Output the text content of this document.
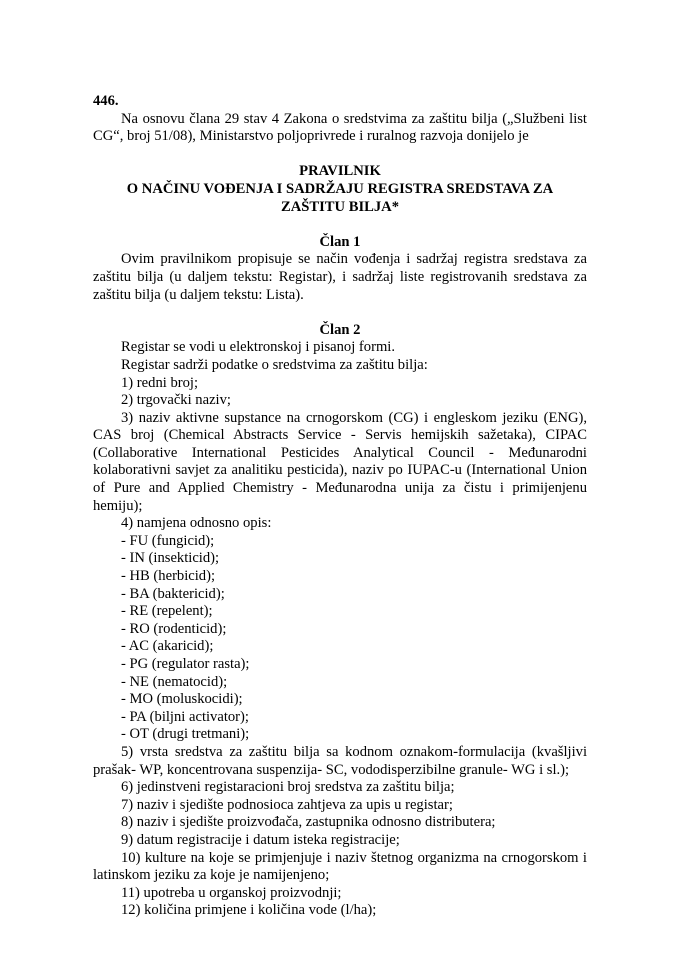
446.

Na osnovu člana 29 stav 4 Zakona o sredstvima za zaštitu bilja („Službeni list CG“, broj 51/08), Ministarstvo poljoprivrede i ruralnog razvoja donijelo je

PRAVILNIK
O NAČINU VOĐENJA I SADRŽAJU REGISTRA SREDSTAVA ZA
ZAŠTITU BILJA*

Član 1

Ovim pravilnikom propisuje se način vođenja i sadržaj registra sredstava za zaštitu bilja (u daljem tekstu: Registar), i sadržaj liste registrovanih sredstava za zaštitu bilja (u daljem tekstu: Lista).

Član 2

Registar se vodi u elektronskoj i pisanoj formi.

Registar sadrži podatke o sredstvima za zaštitu bilja:

1) redni broj;

2) trgovački naziv;

3) naziv aktivne supstance na crnogorskom (CG) i engleskom jeziku (ENG), CAS broj (Chemical Abstracts Service - Servis hemijskih sažetaka), CIPAC (Collaborative International Pesticides Analytical Council - Međunarodni kolaborativni savjet za analitiku pesticida), naziv po IUPAC-u (International Union of Pure and Applied Chemistry - Međunarodna unija za čistu i primijenjenu hemiju);

4) namjena odnosno opis:

- FU (fungicid);

- IN (insekticid);

- HB (herbicid);

- BA (baktericid);

- RE (repelent);

- RO (rodenticid);

- AC (akaricid);

- PG (regulator rasta);

- NE (nematocid);

- MO (moluskocidi);

- PA (biljni activator);

- OT (drugi tretmani);

5) vrsta sredstva za zaštitu bilja sa kodnom oznakom-formulacija (kvašljivi prašak- WP, koncentrovana suspenzija- SC, vododisperzibilne granule- WG i sl.);

6) jedinstveni registaracioni broj sredstva za zaštitu bilja;

7) naziv i sjedište podnosioca zahtjeva za upis u registar;

8) naziv i sjedište proizvođača, zastupnika odnosno distributera;

9) datum registracije i datum isteka registracije;

10) kulture na koje se primjenjuje i naziv štetnog organizma na crnogorskom i latinskom jeziku za koje je namijenjeno;

11) upotreba u organskoj proizvodnji;

12) količina primjene i količina vode (l/ha);
